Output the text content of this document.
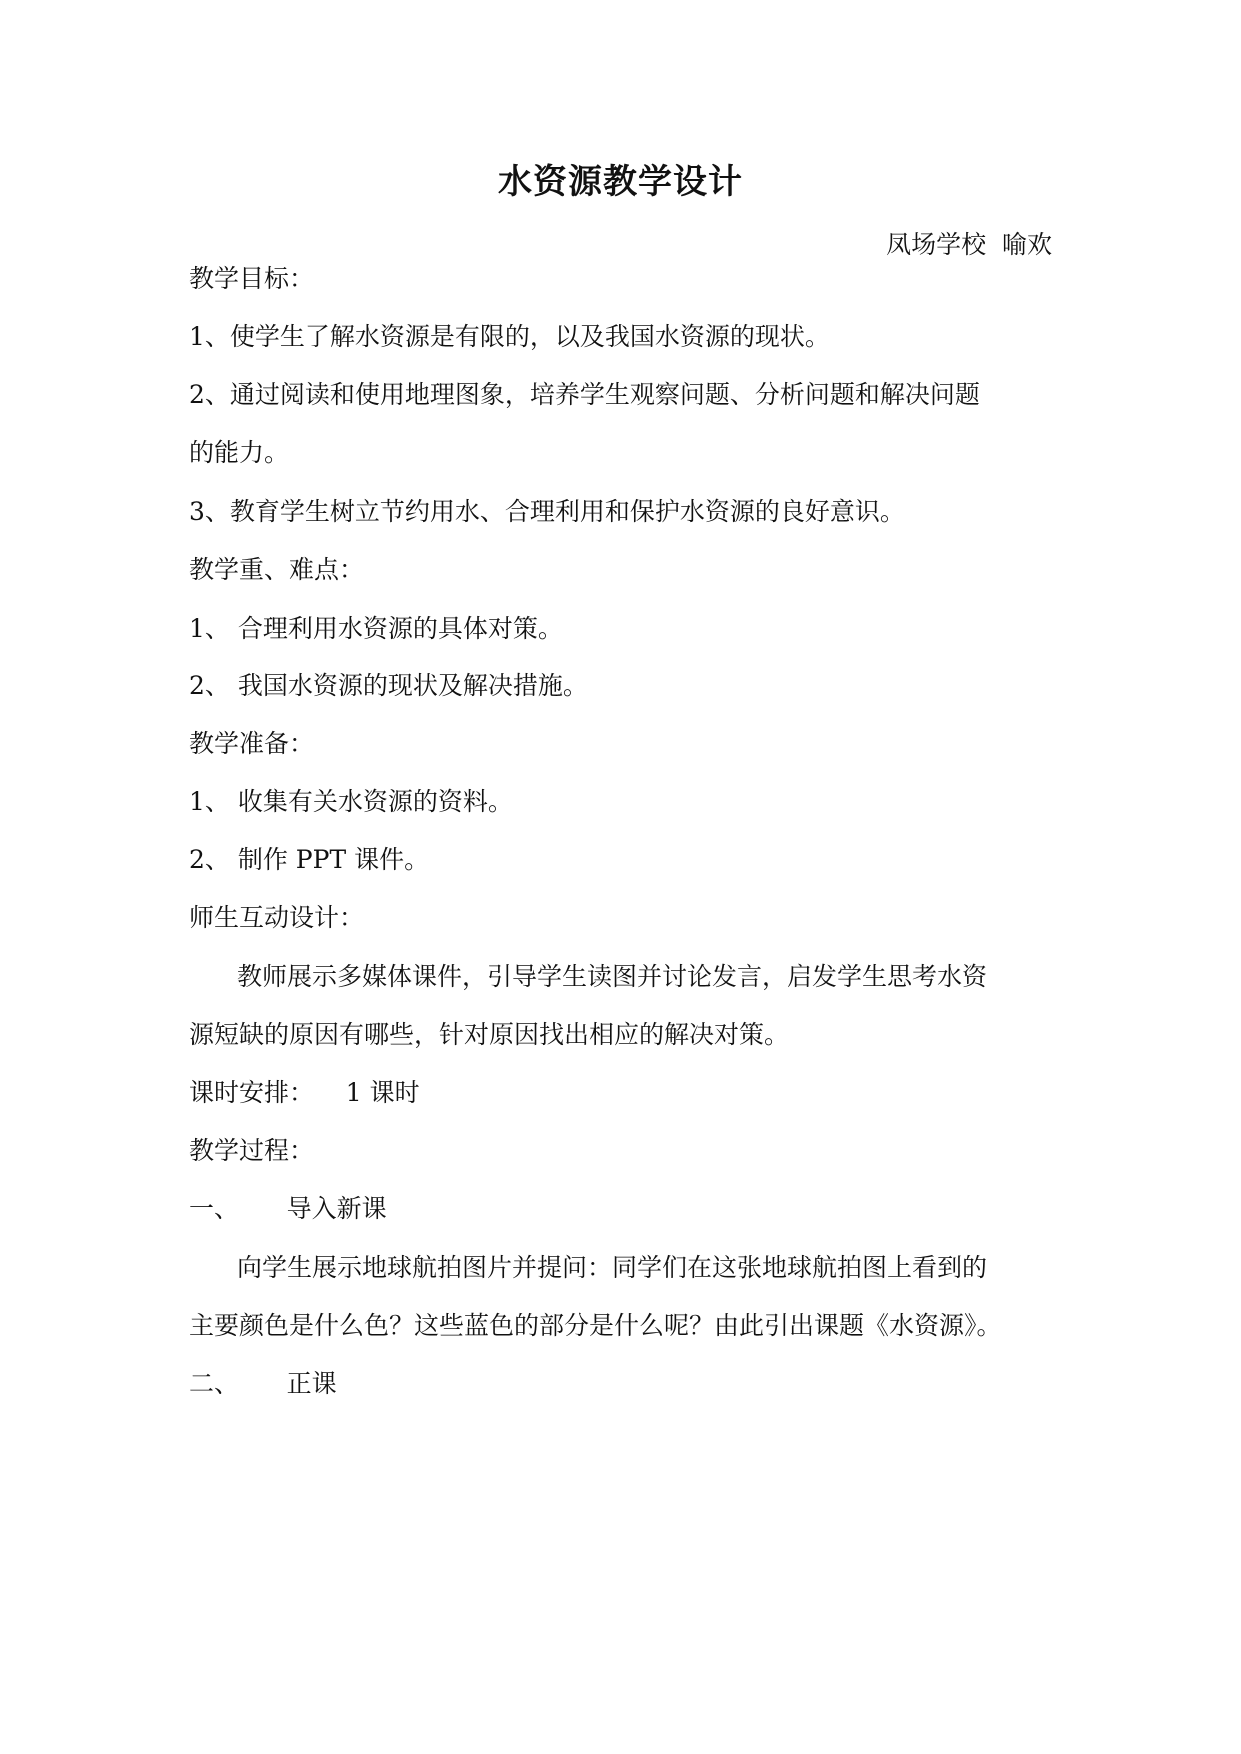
水资源教学设计
凤场学校  喻欢
教学目标：
1、使学生了解水资源是有限的，以及我国水资源的现状。
2、通过阅读和使用地理图象，培养学生观察问题、分析问题和解决问题
的能力。
3、教育学生树立节约用水、合理利用和保护水资源的良好意识。
教学重、难点：
1、 合理利用水资源的具体对策。
2、 我国水资源的现状及解决措施。
教学准备：
1、 收集有关水资源的资料。
2、 制作 PPT 课件。
师生互动设计：
教师展示多媒体课件，引导学生读图并讨论发言，启发学生思考水资
源短缺的原因有哪些，针对原因找出相应的解决对策。
课时安排：    1 课时
教学过程：
一、      导入新课
向学生展示地球航拍图片并提问：同学们在这张地球航拍图上看到的
主要颜色是什么色？这些蓝色的部分是什么呢？由此引出课题《水资源》。
二、      正课
